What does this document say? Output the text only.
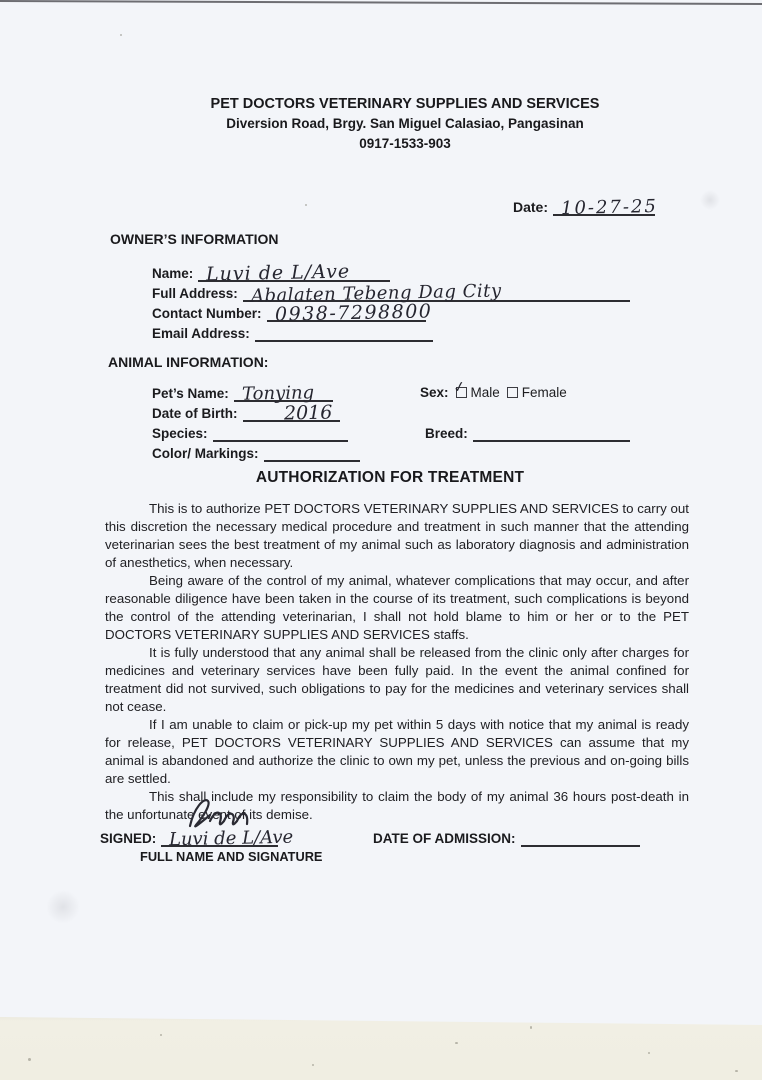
PET DOCTORS VETERINARY SUPPLIES AND SERVICES
Diversion Road, Brgy. San Miguel Calasiao, Pangasinan
0917-1533-903
Date: 10-27-25
OWNER’S INFORMATION
Name: Luvi de L/Ave
Full Address: Abalaten Tebeng Dag City
Contact Number: 0938-7298800
Email Address:
ANIMAL INFORMATION:
Pet’s Name: Tonying	Sex: ✓ Male Female
Date of Birth: 2016
Species:	Breed:
Color/ Markings:
AUTHORIZATION FOR TREATMENT

This is to authorize PET DOCTORS VETERINARY SUPPLIES AND SERVICES to carry out this discretion the necessary medical procedure and treatment in such manner that the attending veterinarian sees the best treatment of my animal such as laboratory diagnosis and administration of anesthetics, when necessary.

Being aware of the control of my animal, whatever complications that may occur, and after reasonable diligence have been taken in the course of its treatment, such complications is beyond the control of the attending veterinarian, I shall not hold blame to him or her or to the PET DOCTORS VETERINARY SUPPLIES AND SERVICES staffs.

It is fully understood that any animal shall be released from the clinic only after charges for medicines and veterinary services have been fully paid. In the event the animal confined for treatment did not survived, such obligations to pay for the medicines and veterinary services shall not cease.

If I am unable to claim or pick-up my pet within 5 days with notice that my animal is ready for release, PET DOCTORS VETERINARY SUPPLIES AND SERVICES can assume that my animal is abandoned and authorize the clinic to own my pet, unless the previous and on-going bills are settled.

This shall include my responsibility to claim the body of my animal 36 hours post-death in the unfortunate event of its demise.

SIGNED: Luvi de L/Ave
FULL NAME AND SIGNATURE
DATE OF ADMISSION:
